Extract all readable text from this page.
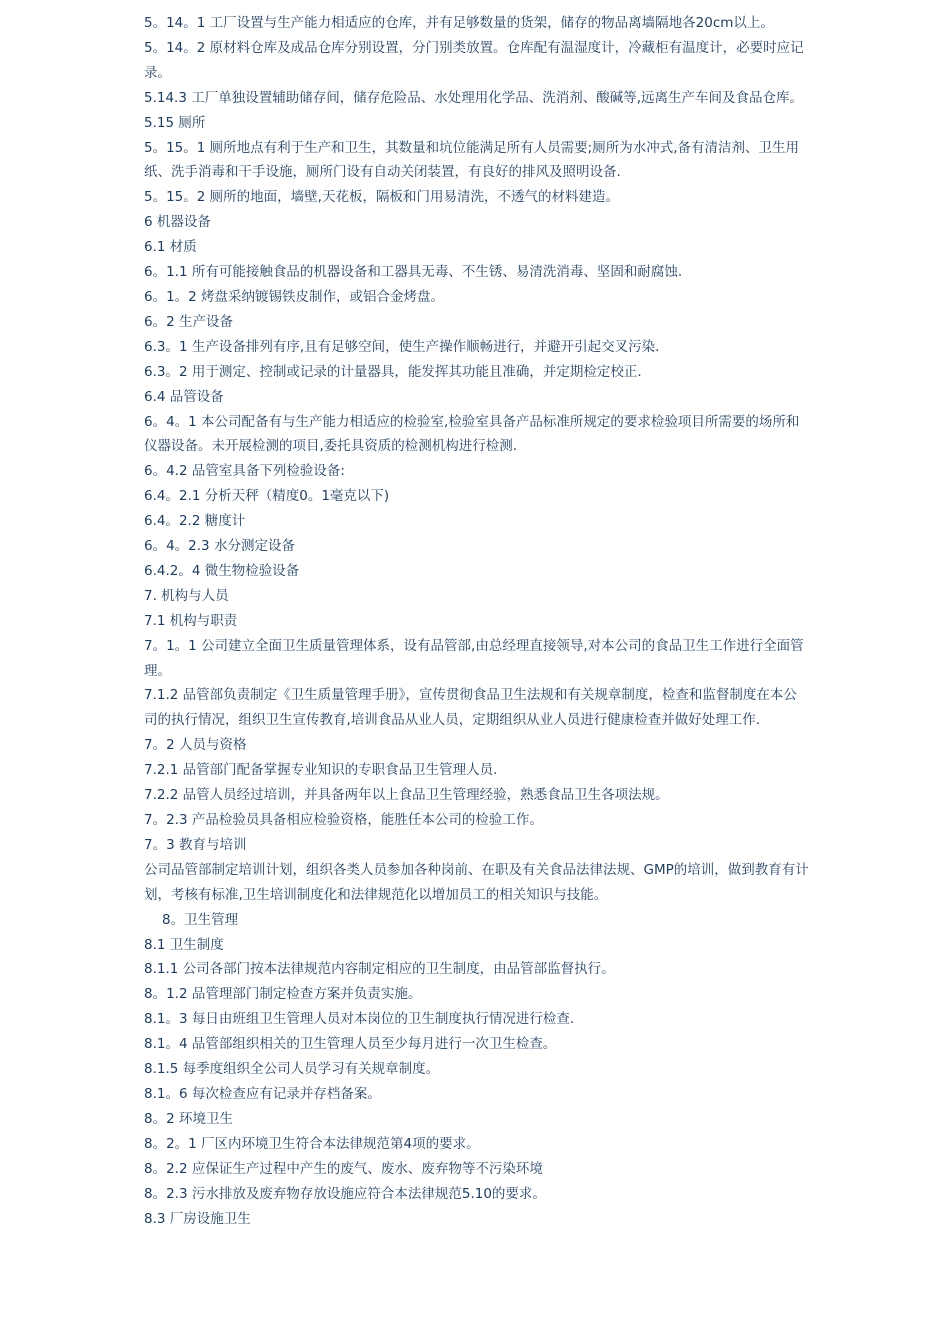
5。14。1 工厂设置与生产能力相适应的仓库，并有足够数量的货架，储存的物品离墙隔地各20cm以上。

5。14。2 原材料仓库及成品仓库分别设置，分门别类放置。仓库配有温湿度计，冷藏柜有温度计，必要时应记录。

5.14.3 工厂单独设置辅助储存间，储存危险品、水处理用化学品、洗消剂、酸碱等,远离生产车间及食品仓库。

5.15 厕所

5。15。1 厕所地点有利于生产和卫生，其数量和坑位能满足所有人员需要;厕所为水冲式,备有清洁剂、卫生用纸、洗手消毒和干手设施，厕所门设有自动关闭装置，有良好的排风及照明设备.

5。15。2 厕所的地面，墙壁,天花板，隔板和门用易清洗，不透气的材料建造。

6 机器设备

6.1 材质

6。1.1 所有可能接触食品的机器设备和工器具无毒、不生锈、易清洗消毒、坚固和耐腐蚀.

6。1。2 烤盘采纳镀锡铁皮制作，或铝合金烤盘。

6。2 生产设备

6.3。1 生产设备排列有序,且有足够空间，使生产操作顺畅进行，并避开引起交叉污染.

6.3。2 用于测定、控制或记录的计量器具，能发挥其功能且准确，并定期检定校正.

6.4 品管设备

6。4。1 本公司配备有与生产能力相适应的检验室,检验室具备产品标准所规定的要求检验项目所需要的场所和仪器设备。未开展检测的项目,委托具资质的检测机构进行检测.

6。4.2 品管室具备下列检验设备:

6.4。2.1 分析天秤（精度0。1毫克以下)

6.4。2.2 糖度计

6。4。2.3 水分测定设备

6.4.2。4 微生物检验设备

7. 机构与人员

7.1 机构与职责

7。1。1 公司建立全面卫生质量管理体系，设有品管部,由总经理直接领导,对本公司的食品卫生工作进行全面管理。

7.1.2 品管部负责制定《卫生质量管理手册》，宣传贯彻食品卫生法规和有关规章制度，检查和监督制度在本公司的执行情况，组织卫生宣传教育,培训食品从业人员，定期组织从业人员进行健康检查并做好处理工作.

7。2 人员与资格

7.2.1 品管部门配备掌握专业知识的专职食品卫生管理人员.

7.2.2 品管人员经过培训，并具备两年以上食品卫生管理经验，熟悉食品卫生各项法规。

7。2.3 产品检验员具备相应检验资格，能胜任本公司的检验工作。

7。3 教育与培训

公司品管部制定培训计划，组织各类人员参加各种岗前、在职及有关食品法律法规、GMP的培训，做到教育有计划，考核有标准,卫生培训制度化和法律规范化以增加员工的相关知识与技能。

8。卫生管理

8.1 卫生制度

8.1.1 公司各部门按本法律规范内容制定相应的卫生制度，由品管部监督执行。

8。1.2 品管理部门制定检查方案并负责实施。

8.1。3 每日由班组卫生管理人员对本岗位的卫生制度执行情况进行检查.

8.1。4 品管部组织相关的卫生管理人员至少每月进行一次卫生检查。

8.1.5 每季度组织全公司人员学习有关规章制度。

8.1。6 每次检查应有记录并存档备案。

8。2 环境卫生

8。2。1 厂区内环境卫生符合本法律规范第4项的要求。

8。2.2 应保证生产过程中产生的废气、废水、废弃物等不污染环境

8。2.3 污水排放及废弃物存放设施应符合本法律规范5.10的要求。

8.3 厂房设施卫生
